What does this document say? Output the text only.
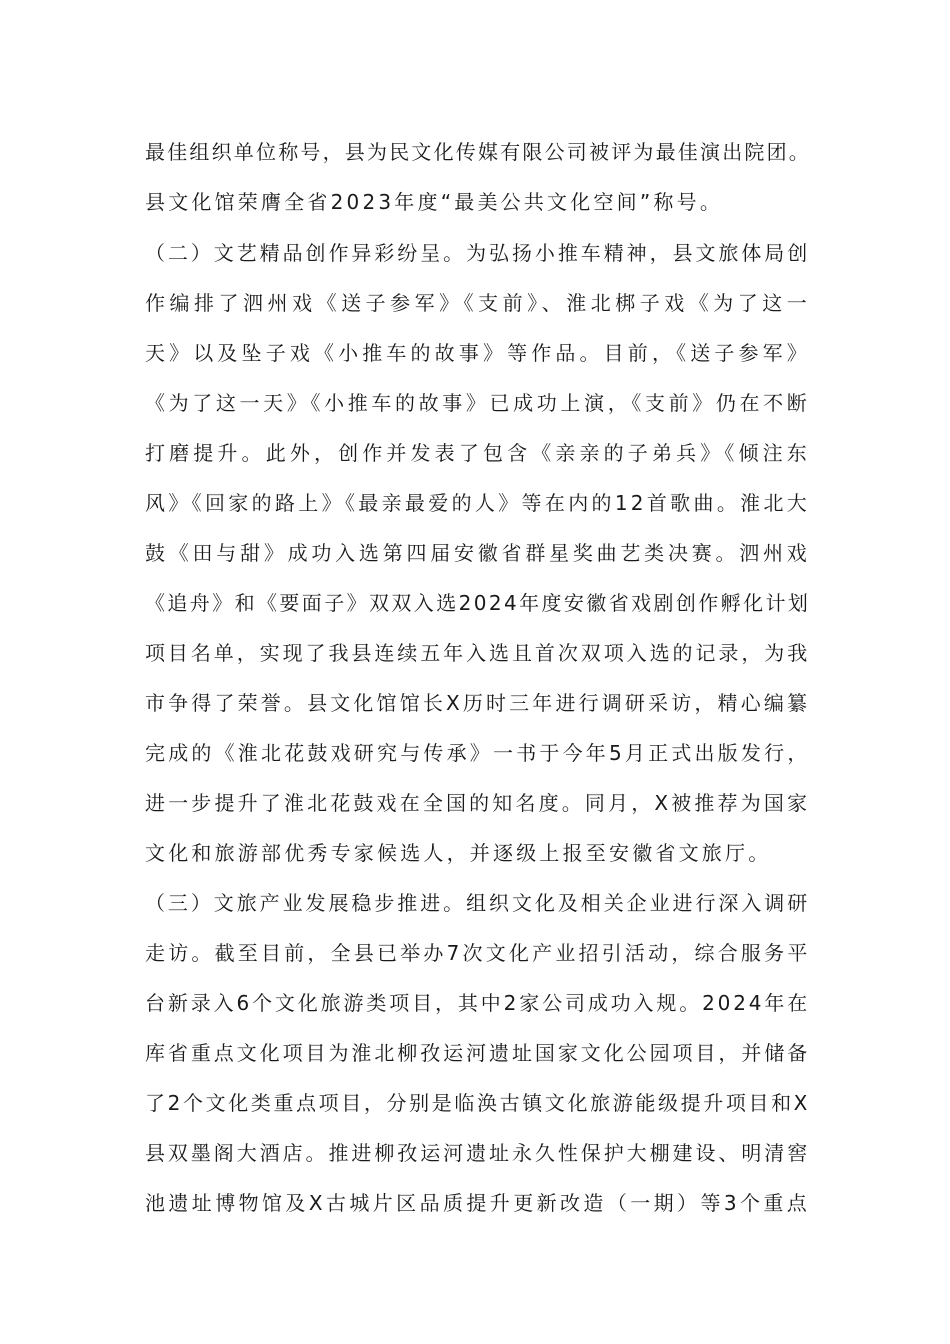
最佳组织单位称号，县为民文化传媒有限公司被评为最佳演出院团。
县文化馆荣膺全省2023年度“最美公共文化空间”称号。
（二）文艺精品创作异彩纷呈。为弘扬小推车精神，县文旅体局创
作编排了泗州戏《送子参军》《支前》、淮北梆子戏《为了这一
天》以及坠子戏《小推车的故事》等作品。目前，《送子参军》
《为了这一天》《小推车的故事》已成功上演，《支前》仍在不断
打磨提升。此外，创作并发表了包含《亲亲的子弟兵》《倾注东
风》《回家的路上》《最亲最爱的人》等在内的12首歌曲。淮北大
鼓《田与甜》成功入选第四届安徽省群星奖曲艺类决赛。泗州戏
《追舟》和《要面子》双双入选2024年度安徽省戏剧创作孵化计划
项目名单，实现了我县连续五年入选且首次双项入选的记录，为我
市争得了荣誉。县文化馆馆长X历时三年进行调研采访，精心编纂
完成的《淮北花鼓戏研究与传承》一书于今年5月正式出版发行，
进一步提升了淮北花鼓戏在全国的知名度。同月，X被推荐为国家
文化和旅游部优秀专家候选人，并逐级上报至安徽省文旅厅。
（三）文旅产业发展稳步推进。组织文化及相关企业进行深入调研
走访。截至目前，全县已举办7次文化产业招引活动，综合服务平
台新录入6个文化旅游类项目，其中2家公司成功入规。2024年在
库省重点文化项目为淮北柳孜运河遗址国家文化公园项目，并储备
了2个文化类重点项目，分别是临涣古镇文化旅游能级提升项目和X
县双墨阁大酒店。推进柳孜运河遗址永久性保护大棚建设、明清窖
池遗址博物馆及X古城片区品质提升更新改造（一期）等3个重点
